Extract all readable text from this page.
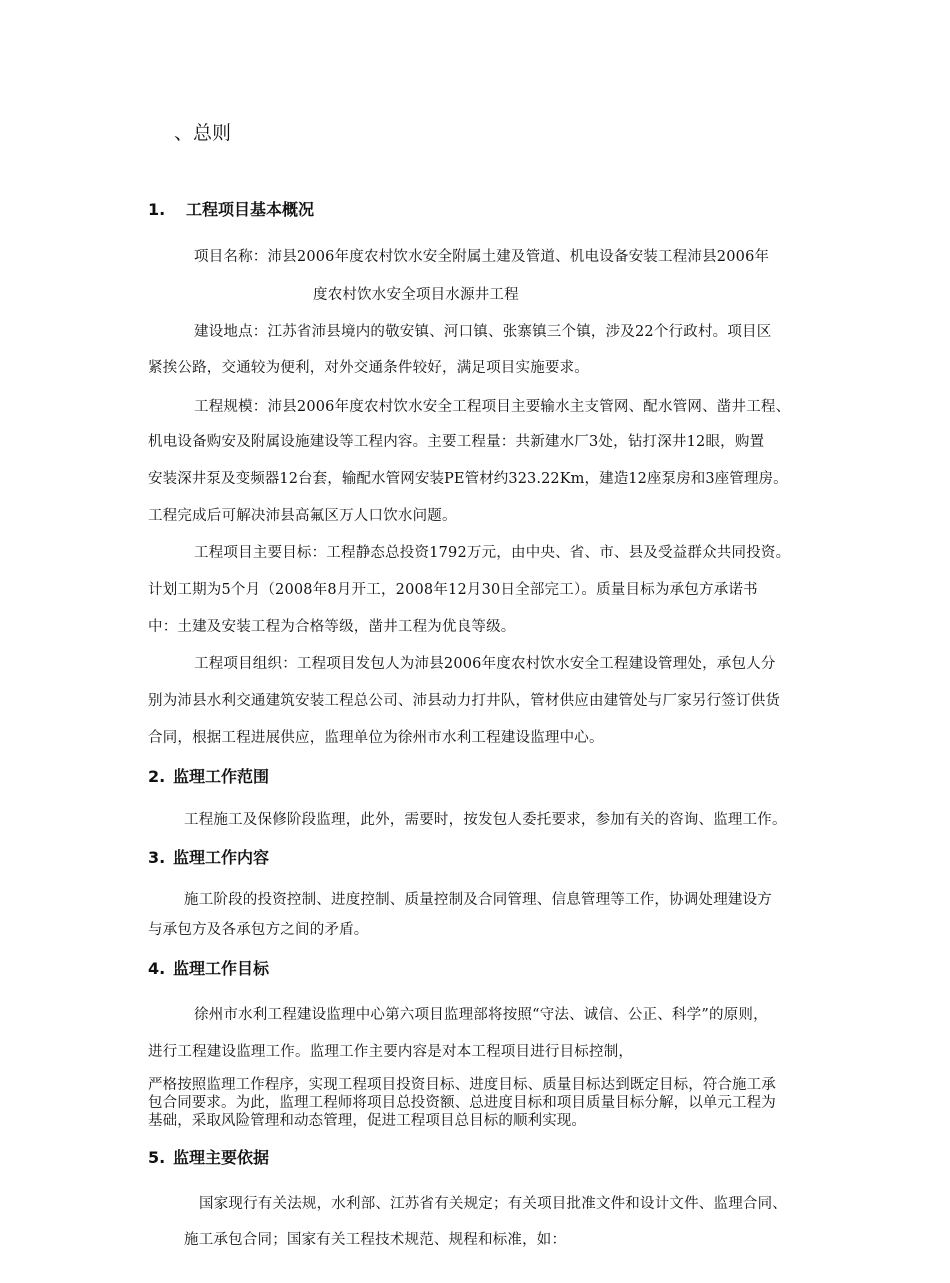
、总则
1. 工程项目基本概况
项目名称：沛县2006年度农村饮水安全附属土建及管道、机电设备安装工程沛县2006年
度农村饮水安全项目水源井工程
建设地点：江苏省沛县境内的敬安镇、河口镇、张寨镇三个镇，涉及22个行政村。项目区
紧挨公路，交通较为便利，对外交通条件较好，满足项目实施要求。
工程规模：沛县2006年度农村饮水安全工程项目主要输水主支管网、配水管网、凿井工程、
机电设备购安及附属设施建设等工程内容。主要工程量：共新建水厂3处，钻打深井12眼，购置
安装深井泵及变频器12台套，输配水管网安装PE管材约323.22Km，建造12座泵房和3座管理房。
工程完成后可解决沛县高氟区万人口饮水问题。
工程项目主要目标：工程静态总投资1792万元，由中央、省、市、县及受益群众共同投资。
计划工期为5个月（2008年8月开工，2008年12月30日全部完工）。质量目标为承包方承诺书
中：土建及安装工程为合格等级，凿井工程为优良等级。
工程项目组织：工程项目发包人为沛县2006年度农村饮水安全工程建设管理处，承包人分
别为沛县水利交通建筑安装工程总公司、沛县动力打井队，管材供应由建管处与厂家另行签订供货
合同，根据工程进展供应，监理单位为徐州市水利工程建设监理中心。
2. 监理工作范围
工程施工及保修阶段监理，此外，需要时，按发包人委托要求，参加有关的咨询、监理工作。
3. 监理工作内容
施工阶段的投资控制、进度控制、质量控制及合同管理、信息管理等工作，协调处理建设方
与承包方及各承包方之间的矛盾。
4. 监理工作目标
徐州市水利工程建设监理中心第六项目监理部将按照“守法、诚信、公正、科学”的原则，
进行工程建设监理工作。监理工作主要内容是对本工程项目进行目标控制，
严格按照监理工作程序，实现工程项目投资目标、进度目标、质量目标达到既定目标，符合施工承
包合同要求。为此，监理工程师将项目总投资额、总进度目标和项目质量目标分解，以单元工程为
基础，采取风险管理和动态管理，促进工程项目总目标的顺利实现。
5. 监理主要依据
国家现行有关法规，水利部、江苏省有关规定；有关项目批准文件和设计文件、监理合同、
施工承包合同；国家有关工程技术规范、规程和标准，如：
